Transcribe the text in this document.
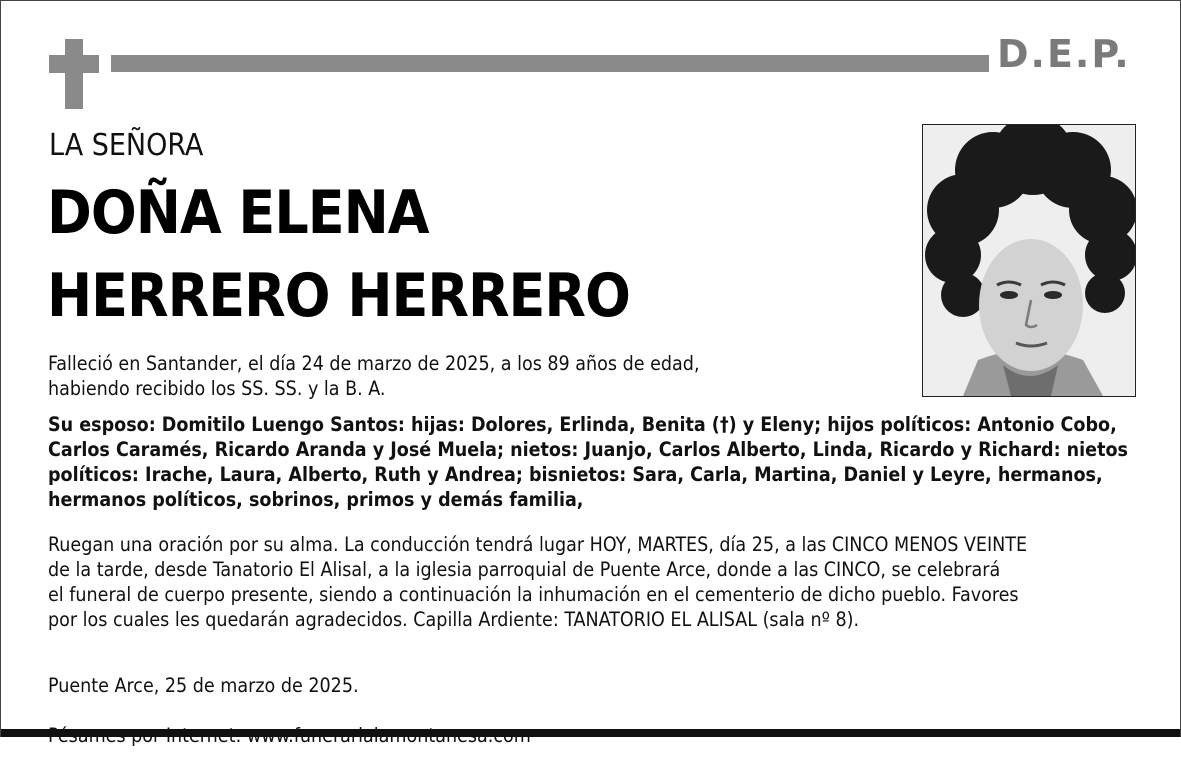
D.E.P.
LA SEÑORA
DOÑA ELENA
HERRERO HERRERO
Falleció en Santander, el día 24 de marzo de 2025, a los 89 años de edad,
habiendo recibido los SS. SS. y la B. A.
Su esposo: Domitilo Luengo Santos: hijas: Dolores, Erlinda, Benita (†) y Eleny; hijos políticos: Antonio Cobo,
Carlos Caramés, Ricardo Aranda y José Muela; nietos: Juanjo, Carlos Alberto, Linda, Ricardo y Richard: nietos
políticos: Irache, Laura, Alberto, Ruth y Andrea; bisnietos: Sara, Carla, Martina, Daniel y Leyre, hermanos,
hermanos políticos, sobrinos, primos y demás familia,
Ruegan una oración por su alma. La conducción tendrá lugar HOY, MARTES, día 25, a las CINCO MENOS VEINTE
de la tarde, desde Tanatorio El Alisal, a la iglesia parroquial de Puente Arce, donde a las CINCO, se celebrará
el funeral de cuerpo presente, siendo a continuación la inhumación en el cementerio de dicho pueblo. Favores
por los cuales les quedarán agradecidos. Capilla Ardiente: TANATORIO EL ALISAL (sala nº 8).

Puente Arce, 25 de marzo de 2025.
